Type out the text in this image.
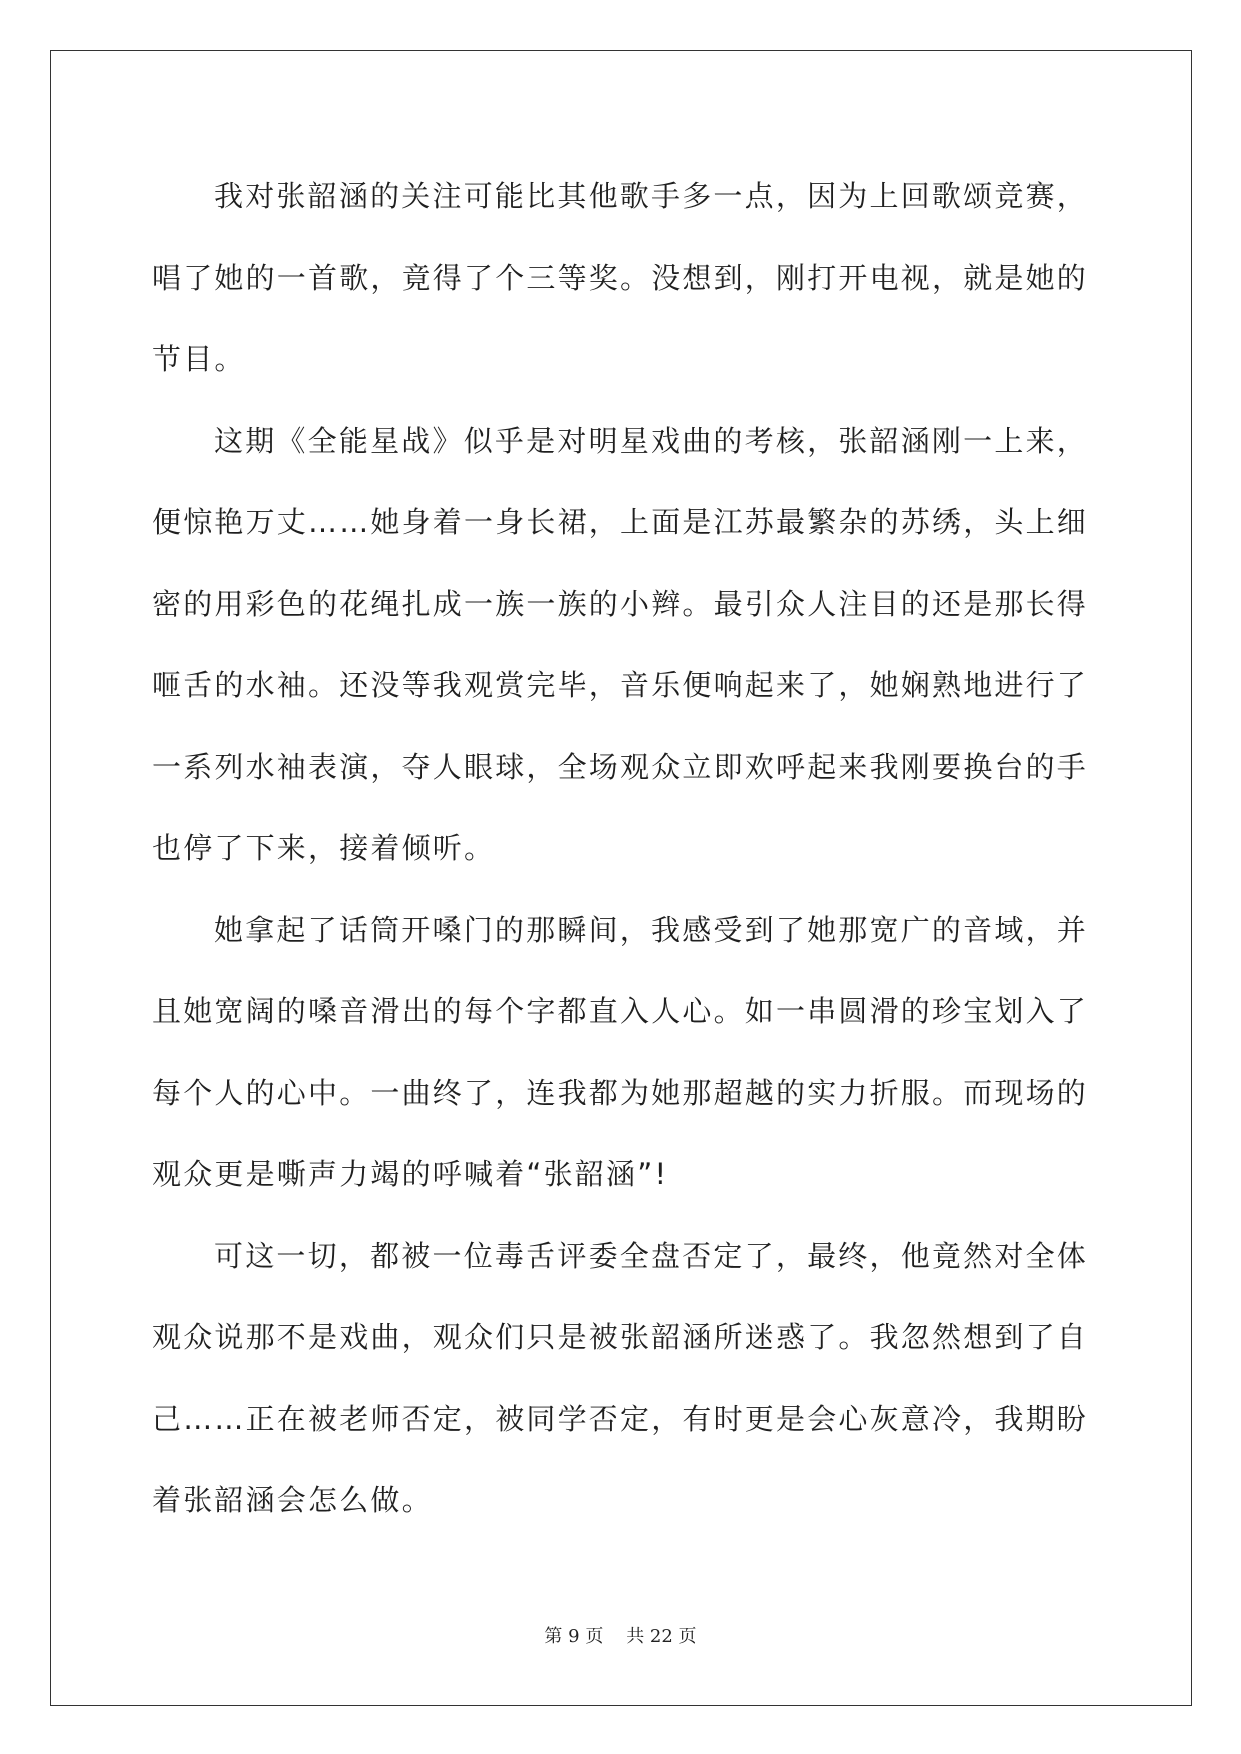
我对张韶涵的关注可能比其他歌手多一点，因为上回歌颂竞赛，唱了她的一首歌，竟得了个三等奖。没想到，刚打开电视，就是她的节目。

这期《全能星战》似乎是对明星戏曲的考核，张韶涵刚一上来，便惊艳万丈……她身着一身长裙，上面是江苏最繁杂的苏绣，头上细密的用彩色的花绳扎成一族一族的小辫。最引众人注目的还是那长得咂舌的水袖。还没等我观赏完毕，音乐便响起来了，她娴熟地进行了一系列水袖表演，夺人眼球，全场观众立即欢呼起来我刚要换台的手也停了下来，接着倾听。

她拿起了话筒开嗓门的那瞬间，我感受到了她那宽广的音域，并且她宽阔的嗓音滑出的每个字都直入人心。如一串圆滑的珍宝划入了每个人的心中。一曲终了，连我都为她那超越的实力折服。而现场的观众更是嘶声力竭的呼喊着“张韶涵”!

可这一切，都被一位毒舌评委全盘否定了，最终，他竟然对全体观众说那不是戏曲，观众们只是被张韶涵所迷惑了。我忽然想到了自己……正在被老师否定，被同学否定，有时更是会心灰意冷，我期盼着张韶涵会怎么做。

第 9 页    共 22 页
